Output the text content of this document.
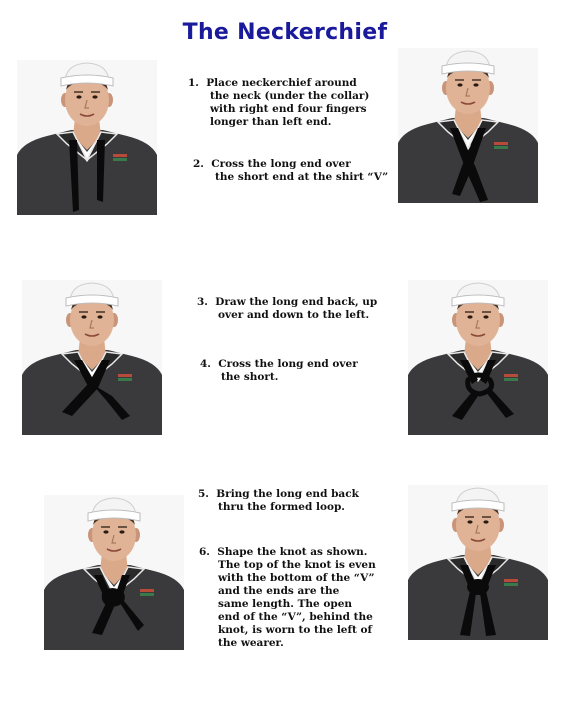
The Neckerchief
1. Place neckerchief around
the neck (under the collar)
with right end four fingers
longer than left end.
2. Cross the long end over
the short end at the shirt “V”
3. Draw the long end back, up
over and down to the left.
4. Cross the long end over
the short.
5. Bring the long end back
thru the formed loop.
6. Shape the knot as shown.
The top of the knot is even
with the bottom of the “V”
and the ends are the
same length. The open
end of the “V”, behind the
knot, is worn to the left of
the wearer.
